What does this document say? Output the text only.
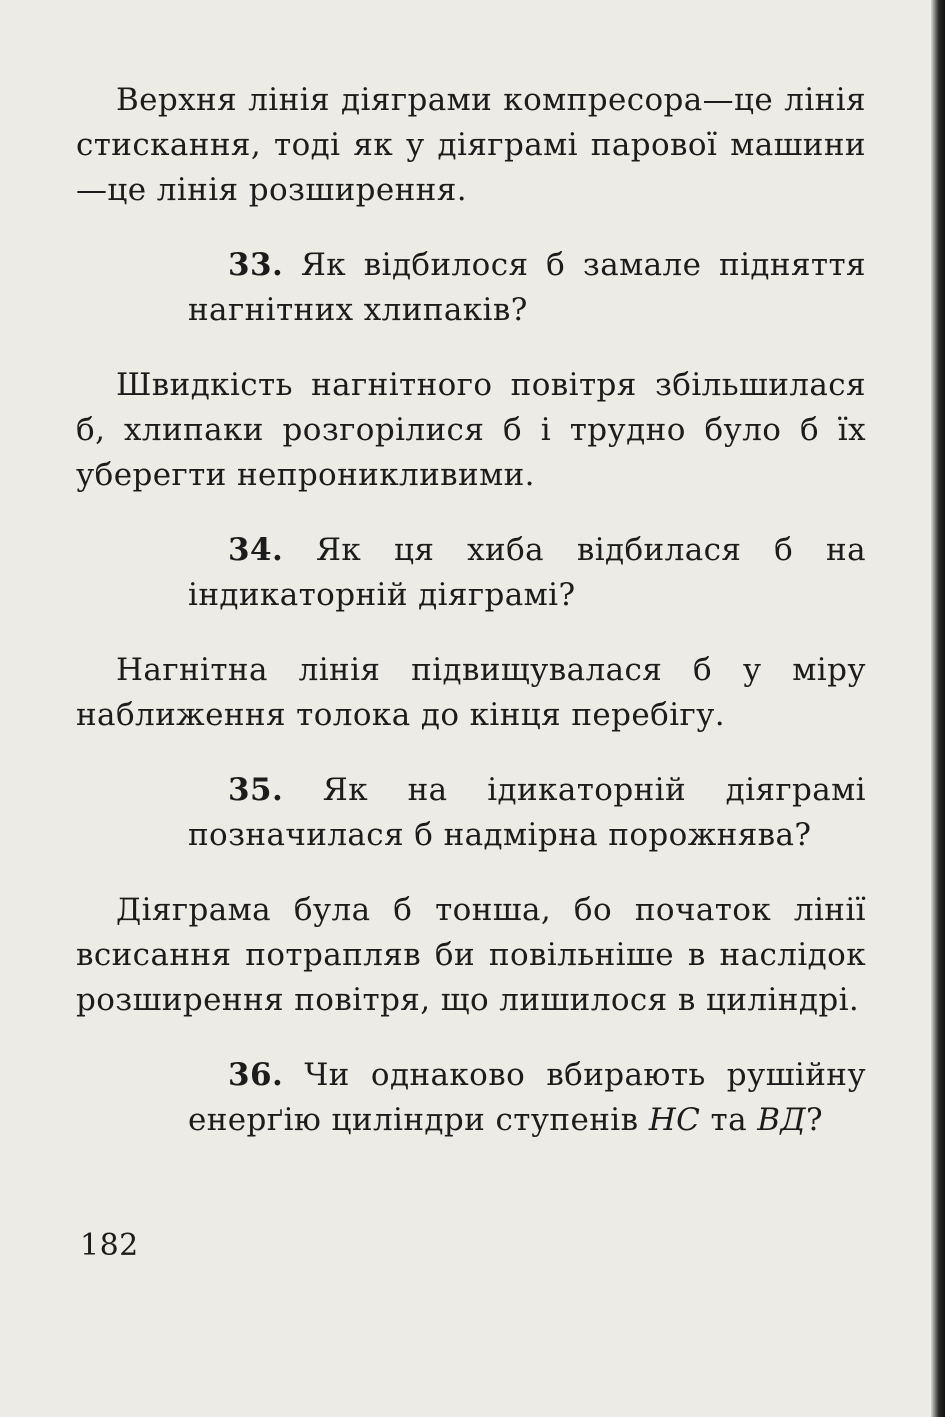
Верхня лінія діяграми компресора—це лінія стискання, тоді як у діяграмі парової машини—це лінія розширення.

33. Як відбилося б замале підняття нагнітних хлипаків?

Швидкість нагнітного повітря збільшилася б, хлипаки розгорілися б і трудно було б їх уберегти непроникливими.

34. Як ця хиба відбилася б на індикаторній діяграмі?

Нагнітна лінія підвищувалася б у міру наближення толока до кінця перебігу.

35. Як на ідикаторній діяграмі позначилася б надмірна порожнява?

Діяграма була б тонша, бо початок лінії всисання потрапляв би повільніше в наслідок розширення повітря, що лишилося в циліндрі.

36. Чи однаково вбирають рушійну енерґію циліндри ступенів НС та ВД?

182
